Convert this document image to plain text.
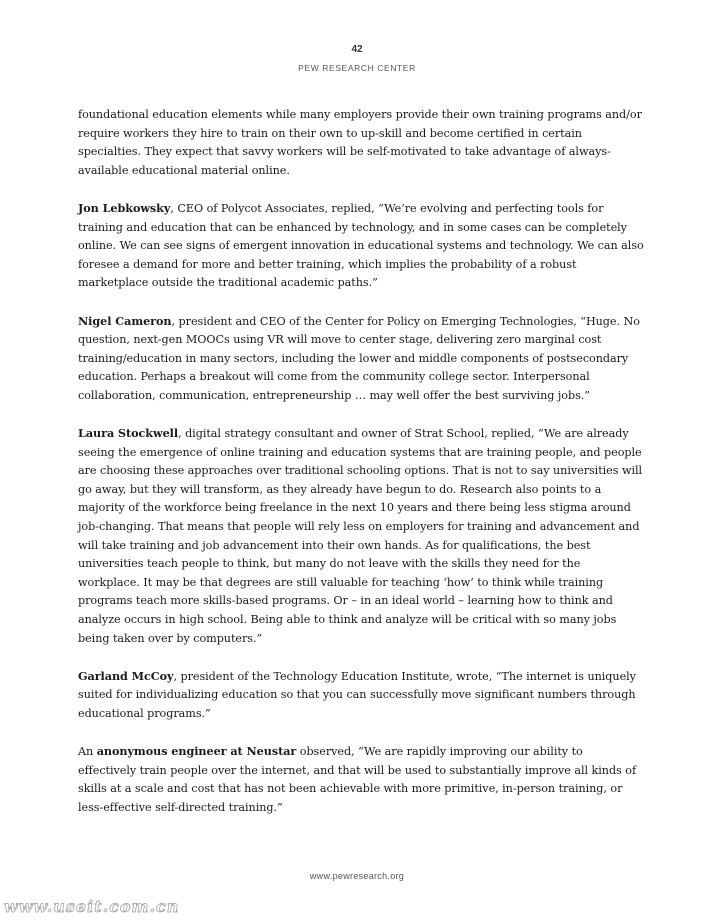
42
PEW RESEARCH CENTER

foundational education elements while many employers provide their own training programs and/or require workers they hire to train on their own to up-skill and become certified in certain specialties. They expect that savvy workers will be self-motivated to take advantage of always-available educational material online.

Jon Lebkowsky, CEO of Polycot Associates, replied, “We’re evolving and perfecting tools for training and education that can be enhanced by technology, and in some cases can be completely online. We can see signs of emergent innovation in educational systems and technology. We can also foresee a demand for more and better training, which implies the probability of a robust marketplace outside the traditional academic paths.”

Nigel Cameron, president and CEO of the Center for Policy on Emerging Technologies, “Huge. No question, next-gen MOOCs using VR will move to center stage, delivering zero marginal cost training/education in many sectors, including the lower and middle components of postsecondary education. Perhaps a breakout will come from the community college sector. Interpersonal collaboration, communication, entrepreneurship … may well offer the best surviving jobs.”

Laura Stockwell, digital strategy consultant and owner of Strat School, replied, “We are already seeing the emergence of online training and education systems that are training people, and people are choosing these approaches over traditional schooling options. That is not to say universities will go away, but they will transform, as they already have begun to do. Research also points to a majority of the workforce being freelance in the next 10 years and there being less stigma around job-changing. That means that people will rely less on employers for training and advancement and will take training and job advancement into their own hands. As for qualifications, the best universities teach people to think, but many do not leave with the skills they need for the workplace. It may be that degrees are still valuable for teaching ‘how’ to think while training programs teach more skills-based programs. Or – in an ideal world – learning how to think and analyze occurs in high school. Being able to think and analyze will be critical with so many jobs being taken over by computers.”

Garland McCoy, president of the Technology Education Institute, wrote, “The internet is uniquely suited for individualizing education so that you can successfully move significant numbers through educational programs.”

An anonymous engineer at Neustar observed, “We are rapidly improving our ability to effectively train people over the internet, and that will be used to substantially improve all kinds of skills at a scale and cost that has not been achievable with more primitive, in-person training, or less-effective self-directed training.”

www.pewresearch.org
www.useit.com.cn
